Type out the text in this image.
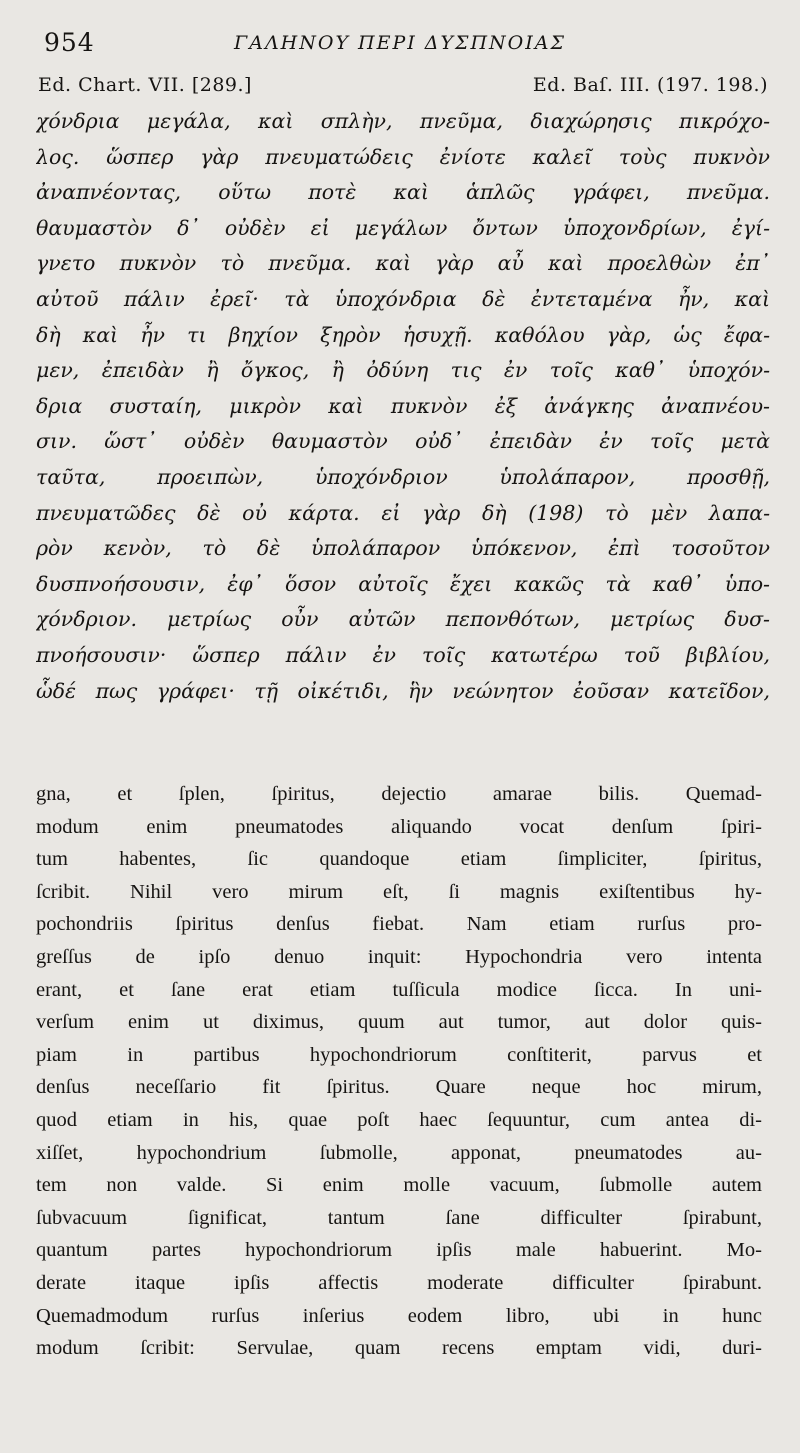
954	ΓΑΛΗΝΟΥ ΠΕΡΙ ΔΥΣΠΝΟΙΑΣ
Ed. Chart. VII. [289.]	Ed. Baſ. III. (197. 198.)
χόνδρια μεγάλα, καὶ σπλὴν, πνεῦμα, διαχώρησις πικρόχο-
λος. ὥσπερ γὰρ πνευματώδεις ἐνίοτε καλεῖ τοὺς πυκνὸν
ἀναπνέοντας, οὕτω ποτὲ καὶ ἁπλῶς γράφει, πνεῦμα.
θαυμαστὸν δ᾽ οὐδὲν εἰ μεγάλων ὄντων ὑποχονδρίων, ἐγί-
γνετο πυκνὸν τὸ πνεῦμα. καὶ γὰρ αὖ καὶ προελθὼν ἐπ᾽
αὐτοῦ πάλιν ἐρεῖ· τὰ ὑποχόνδρια δὲ ἐντεταμένα ἦν, καὶ
δὴ καὶ ἦν τι βηχίον ξηρὸν ἡσυχῇ. καθόλου γὰρ, ὡς ἔφα-
μεν, ἐπειδὰν ἢ ὄγκος, ἢ ὀδύνη τις ἐν τοῖς καθ᾽ ὑποχόν-
δρια συσταίη, μικρὸν καὶ πυκνὸν ἐξ ἀνάγκης ἀναπνέου-
σιν. ὥστ᾽ οὐδὲν θαυμαστὸν οὐδ᾽ ἐπειδὰν ἐν τοῖς μετὰ
ταῦτα, προειπὼν, ὑποχόνδριον ὑπολάπαρον, προσθῇ,
πνευματῶδες δὲ οὐ κάρτα. εἰ γὰρ δὴ (198) τὸ μὲν λαπα-
ρὸν κενὸν, τὸ δὲ ὑπολάπαρον ὑπόκενον, ἐπὶ τοσοῦτον
δυσπνοήσουσιν, ἐφ᾽ ὅσον αὐτοῖς ἔχει κακῶς τὰ καθ᾽ ὑπο-
χόνδριον. μετρίως οὖν αὐτῶν πεπονθότων, μετρίως δυσ-
πνοήσουσιν· ὥσπερ πάλιν ἐν τοῖς κατωτέρω τοῦ βιβλίου,
ὧδέ πως γράφει· τῇ οἰκέτιδι, ἣν νεώνητον ἐοῦσαν κατεῖδον,
gna, et ſplen, ſpiritus, dejectio amarae bilis. Quemad-
modum enim pneumatodes aliquando vocat denſum ſpiri-
tum habentes, ſic quandoque etiam ſimpliciter, ſpiritus,
ſcribit. Nihil vero mirum eſt, ſi magnis exiſtentibus hy-
pochondriis ſpiritus denſus fiebat. Nam etiam rurſus pro-
greſſus de ipſo denuo inquit: Hypochondria vero intenta
erant, et ſane erat etiam tuſſicula modice ſicca. In uni-
verſum enim ut diximus, quum aut tumor, aut dolor quis-
piam in partibus hypochondriorum conſtiterit, parvus et
denſus neceſſario fit ſpiritus. Quare neque hoc mirum,
quod etiam in his, quae poſt haec ſequuntur, cum antea di-
xiſſet, hypochondrium ſubmolle, apponat, pneumatodes au-
tem non valde. Si enim molle vacuum, ſubmolle autem
ſubvacuum ſignificat, tantum ſane difficulter ſpirabunt,
quantum partes hypochondriorum ipſis male habuerint. Mo-
derate itaque ipſis affectis moderate difficulter ſpirabunt.
Quemadmodum rurſus inſerius eodem libro, ubi in hunc
modum ſcribit: Servulae, quam recens emptam vidi, duri-
